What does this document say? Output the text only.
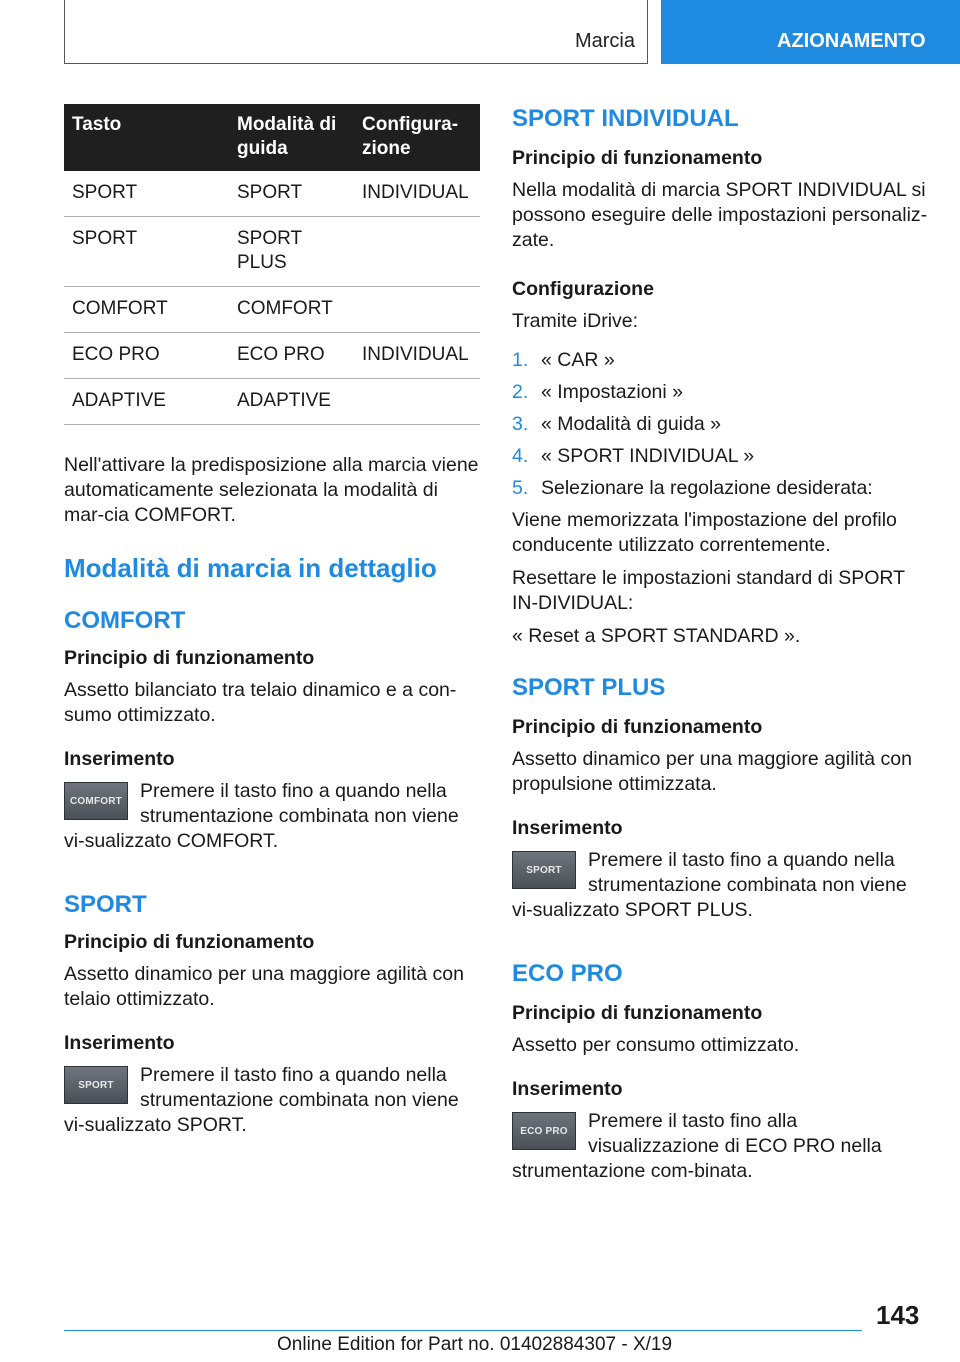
Marcia	AZIONAMENTO
Tasto	Modalità di guida	Configura-zione
SPORT	SPORT	INDIVIDUAL
SPORT	SPORT PLUS	
COMFORT	COMFORT	
ECO PRO	ECO PRO	INDIVIDUAL
ADAPTIVE	ADAPTIVE	

Nell'attivare la predisposizione alla marcia viene automaticamente selezionata la modalità di mar-cia COMFORT.

Modalità di marcia in dettaglio
COMFORT
Principio di funzionamento

Assetto bilanciato tra telaio dinamico e a con-sumo ottimizzato.

Inserimento
COMFORT Premere il tasto fino a quando nella strumentazione combinata non viene vi-sualizzato COMFORT.

SPORT
Principio di funzionamento

Assetto dinamico per una maggiore agilità con telaio ottimizzato.

Inserimento
SPORT	Premere il tasto fino a quando nella strumentazione combinata non viene vi-sualizzato SPORT.

SPORT INDIVIDUAL
Principio di funzionamento

Nella modalità di marcia SPORT INDIVIDUAL si possono eseguire delle impostazioni personaliz-zate.

Configurazione

Tramite iDrive:

1. « CAR »
2. « Impostazioni »
3. « Modalità di guida »
4. « SPORT INDIVIDUAL »
5. Selezionare la regolazione desiderata:

Viene memorizzata l'impostazione del profilo conducente utilizzato correntemente.

Resettare le impostazioni standard di SPORT IN-DIVIDUAL:

« Reset a SPORT STANDARD ».

SPORT PLUS
Principio di funzionamento

Assetto dinamico per una maggiore agilità con propulsione ottimizzata.

Inserimento
SPORT	Premere il tasto fino a quando nella strumentazione combinata non viene vi-sualizzato SPORT PLUS.

ECO PRO
Principio di funzionamento

Assetto per consumo ottimizzato.

Inserimento
ECO PRO	Premere il tasto fino alla visualizzazione di ECO PRO nella strumentazione com-binata.

143
Online Edition for Part no. 01402884307 - X/19
